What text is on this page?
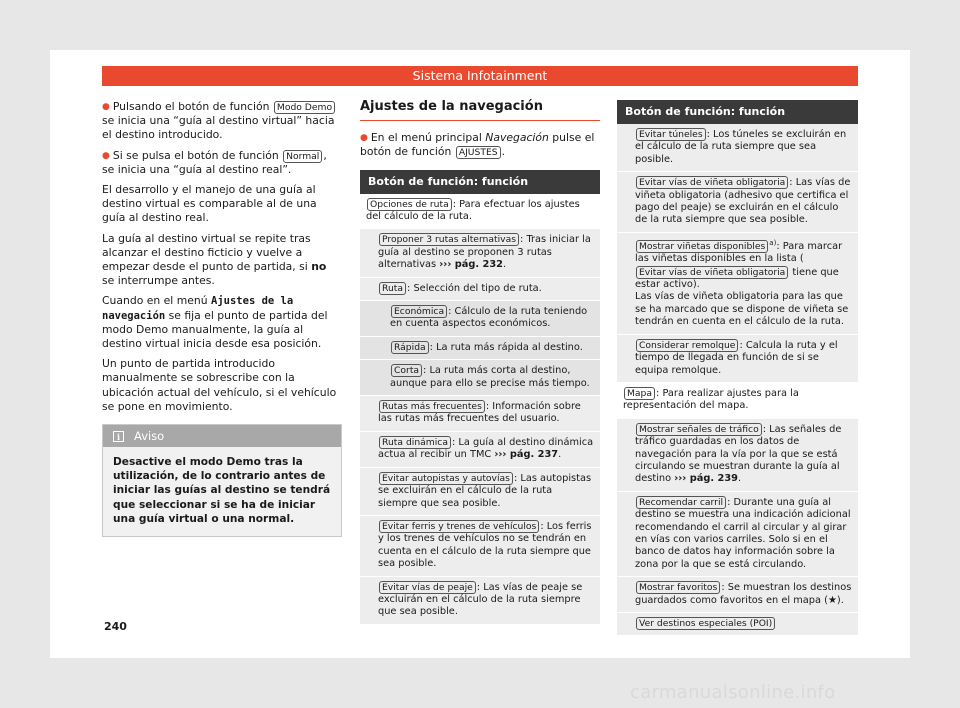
Sistema Infotainment

● Pulsando el botón de función Modo Demo se inicia una “guía al destino virtual” hacia el destino introducido.

● Si se pulsa el botón de función Normal , se inicia una “guía al destino real”.

El desarrollo y el manejo de una guía al destino virtual es comparable al de una guía al destino real.

La guía al destino virtual se repite tras alcanzar el destino ficticio y vuelve a empezar desde el punto de partida, si no se interrumpe antes.

Cuando en el menú Ajustes de la navegación se fija el punto de partida del modo Demo manualmente, la guía al destino virtual inicia desde esa posición.

Un punto de partida introducido manualmente se sobrescribe con la ubicación actual del vehículo, si el vehículo se pone en movimiento.

i Aviso
Desactive el modo Demo tras la utilización, de lo contrario antes de iniciar las guías al destino se tendrá que seleccionar si se ha de iniciar una guía virtual o una normal.
Ajustes de la navegación

● En el menú principal Navegación pulse el botón de función AJUSTES .

Botón de función: función
Opciones de ruta : Para efectuar los ajustes del cálculo de la ruta.
Proponer 3 rutas alternativas : Tras iniciar la guía al destino se proponen 3 rutas alternativas ››› pág. 232.
Ruta : Selección del tipo de ruta.
Económica : Cálculo de la ruta teniendo en cuenta aspectos económicos.
Rápida : La ruta más rápida al destino.
Corta : La ruta más corta al destino, aunque para ello se precise más tiempo.
Rutas más frecuentes : Información sobre las rutas más frecuentes del usuario.
Ruta dinámica : La guía al destino dinámica actua al recibir un TMC ››› pág. 237.
Evitar autopistas y autovías : Las autopistas se excluirán en el cálculo de la ruta siempre que sea posible.
Evitar ferris y trenes de vehículos : Los ferris y los trenes de vehículos no se tendrán en cuenta en el cálculo de la ruta siempre que sea posible.
Evitar vías de peaje : Las vías de peaje se excluirán en el cálculo de la ruta siempre que sea posible.
Botón de función: función
Evitar túneles : Los túneles se excluirán en el cálculo de la ruta siempre que sea posible.
Evitar vías de viñeta obligatoria : Las vías de viñeta obligatoria (adhesivo que certifica el pago del peaje) se excluirán en el cálculo de la ruta siempre que sea posible.
Mostrar viñetas disponibles $^{a)}$: Para marcar las viñetas disponibles en la lista (Evitar vías de viñeta obligatoria tiene que estar activo).
Las vías de viñeta obligatoria para las que se ha marcado que se dispone de viñeta se tendrán en cuenta en el cálculo de la ruta.
Considerar remolque : Calcula la ruta y el tiempo de llegada en función de si se equipa remolque.
Mapa : Para realizar ajustes para la representación del mapa.
Mostrar señales de tráfico : Las señales de tráfico guardadas en los datos de navegación para la vía por la que se está circulando se muestran durante la guía al destino ››› pág. 239.
Recomendar carril : Durante una guía al destino se muestra una indicación adicional recomendando el carril al circular y al girar en vías con varios carriles. Solo si en el banco de datos hay información sobre la zona por la que se está circulando.
Mostrar favoritos : Se muestran los destinos guardados como favoritos en el mapa (★).
Ver destinos especiales (POI)
240
carmanualsonline.info
